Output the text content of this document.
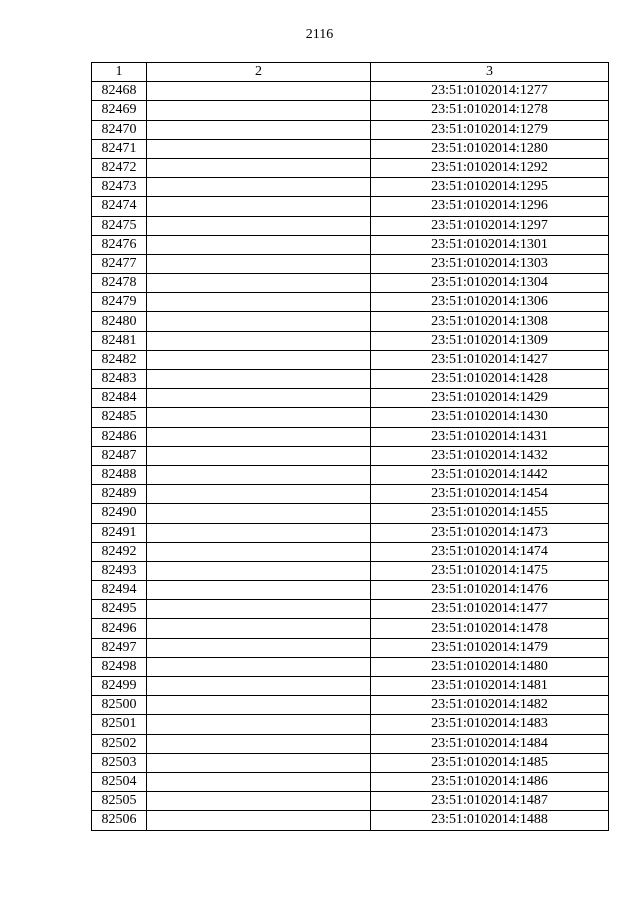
2116
1	2	3
82468		23:51:0102014:1277
82469		23:51:0102014:1278
82470		23:51:0102014:1279
82471		23:51:0102014:1280
82472		23:51:0102014:1292
82473		23:51:0102014:1295
82474		23:51:0102014:1296
82475		23:51:0102014:1297
82476		23:51:0102014:1301
82477		23:51:0102014:1303
82478		23:51:0102014:1304
82479		23:51:0102014:1306
82480		23:51:0102014:1308
82481		23:51:0102014:1309
82482		23:51:0102014:1427
82483		23:51:0102014:1428
82484		23:51:0102014:1429
82485		23:51:0102014:1430
82486		23:51:0102014:1431
82487		23:51:0102014:1432
82488		23:51:0102014:1442
82489		23:51:0102014:1454
82490		23:51:0102014:1455
82491		23:51:0102014:1473
82492		23:51:0102014:1474
82493		23:51:0102014:1475
82494		23:51:0102014:1476
82495		23:51:0102014:1477
82496		23:51:0102014:1478
82497		23:51:0102014:1479
82498		23:51:0102014:1480
82499		23:51:0102014:1481
82500		23:51:0102014:1482
82501		23:51:0102014:1483
82502		23:51:0102014:1484
82503		23:51:0102014:1485
82504		23:51:0102014:1486
82505		23:51:0102014:1487
82506		23:51:0102014:1488
